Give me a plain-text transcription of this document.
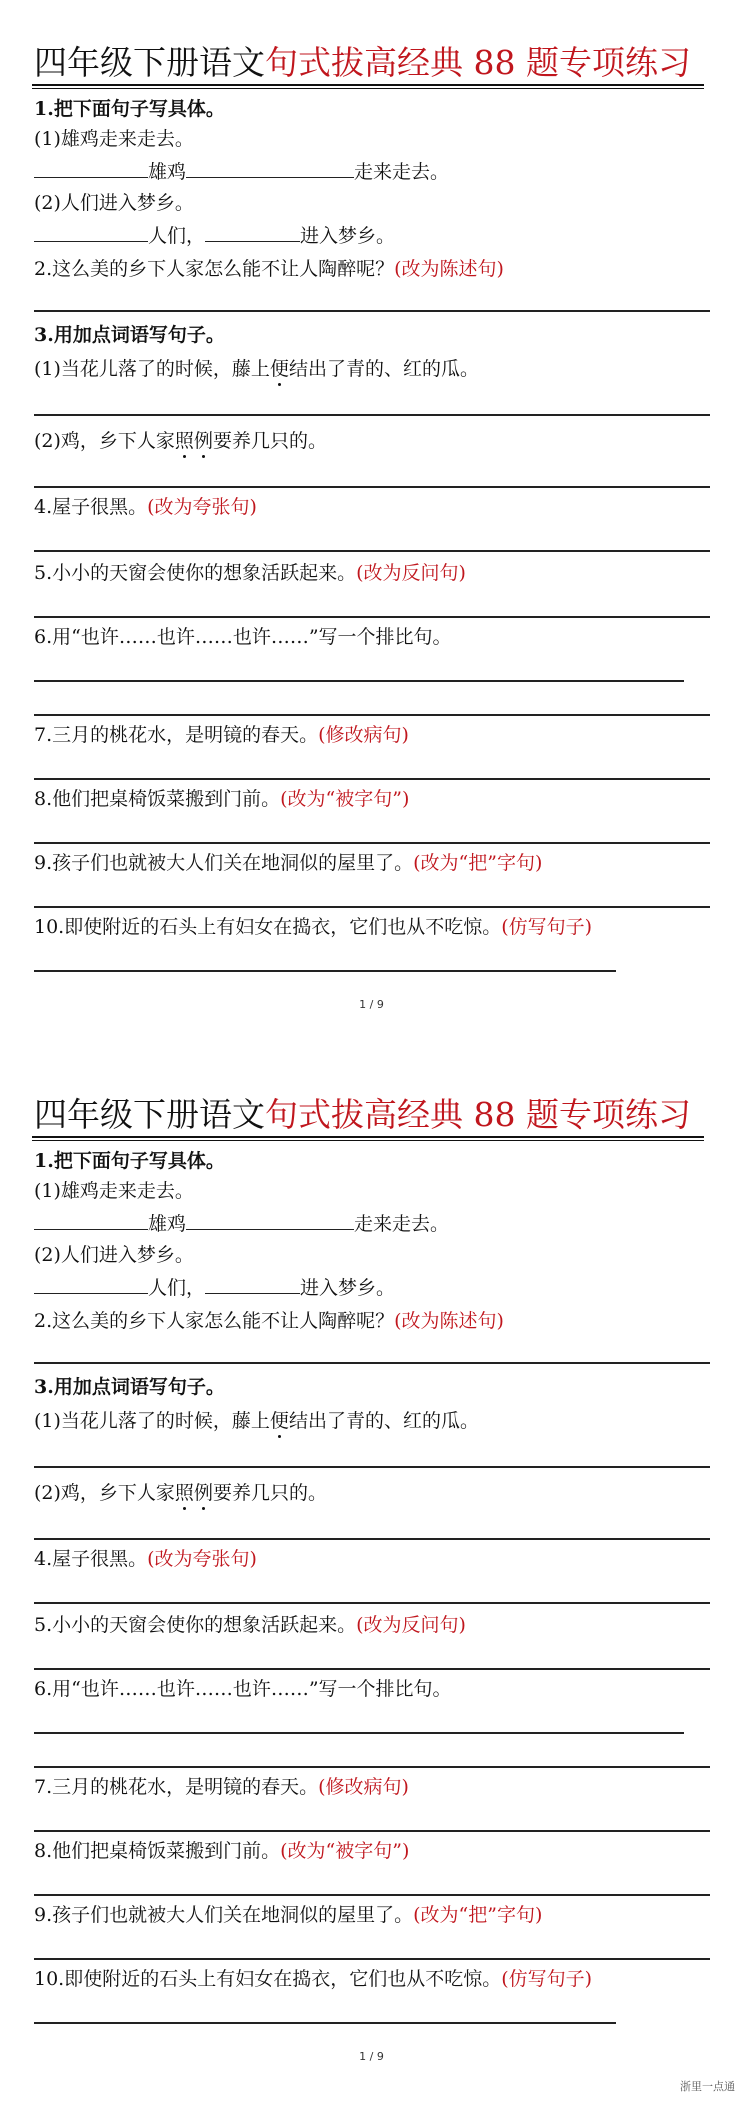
四年级下册语文句式拔高经典 88 题专项练习
1.把下面句子写具体。
(1)雄鸡走来走去。
雄鸡	走来走去。
(2)人们进入梦乡。
人们，	进入梦乡。
2.这么美的乡下人家怎么能不让人陶醉呢？(改为陈述句)
3.用加点词语写句子。
(1)当花儿落了的时候，藤上便结出了青的、红的瓜。
(2)鸡，乡下人家照例要养几只的。
4.屋子很黑。(改为夸张句)
5.小小的天窗会使你的想象活跃起来。(改为反问句)
6.用“也许……也许……也许……”写一个排比句。
7.三月的桃花水，是明镜的春天。(修改病句)
8.他们把桌椅饭菜搬到门前。(改为“被字句”)
9.孩子们也就被大人们关在地洞似的屋里了。(改为“把”字句)
10.即使附近的石头上有妇女在捣衣，它们也从不吃惊。(仿写句子)
1 / 9
四年级下册语文句式拔高经典 88 题专项练习
1.把下面句子写具体。
(1)雄鸡走来走去。
雄鸡	走来走去。
(2)人们进入梦乡。
人们，	进入梦乡。
2.这么美的乡下人家怎么能不让人陶醉呢？(改为陈述句)
3.用加点词语写句子。
(1)当花儿落了的时候，藤上便结出了青的、红的瓜。
(2)鸡，乡下人家照例要养几只的。
4.屋子很黑。(改为夸张句)
5.小小的天窗会使你的想象活跃起来。(改为反问句)
6.用“也许……也许……也许……”写一个排比句。
7.三月的桃花水，是明镜的春天。(修改病句)
8.他们把桌椅饭菜搬到门前。(改为“被字句”)
9.孩子们也就被大人们关在地洞似的屋里了。(改为“把”字句)
10.即使附近的石头上有妇女在捣衣，它们也从不吃惊。(仿写句子)
1 / 9
浙里一点通
